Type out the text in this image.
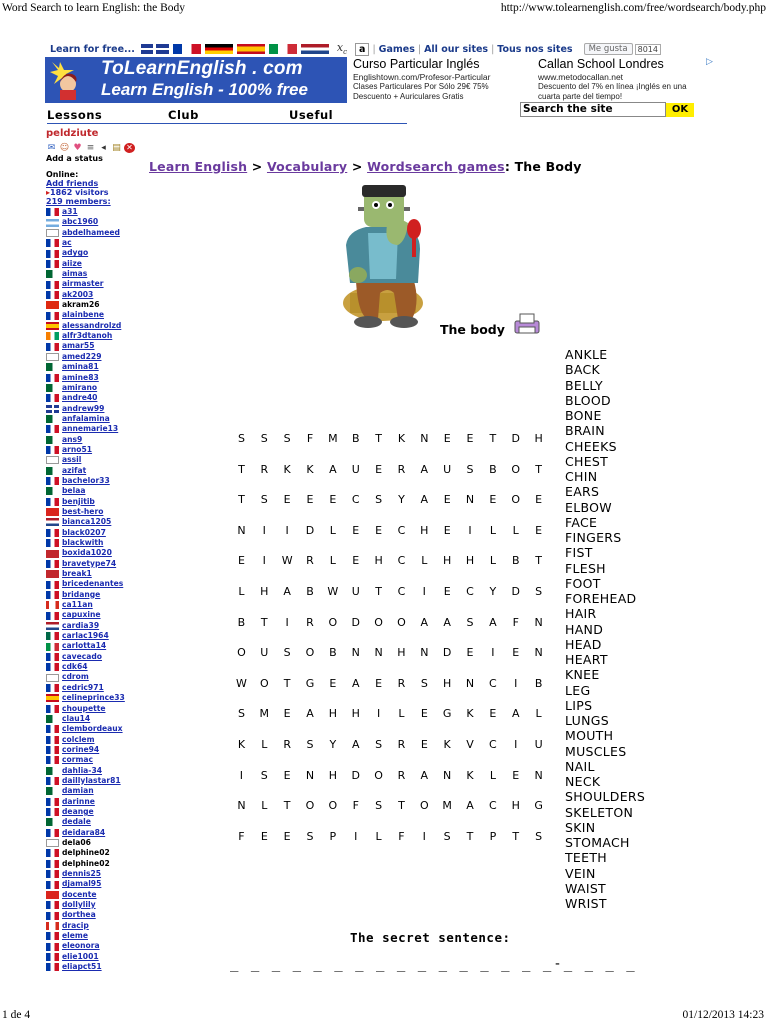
Word Search to learn English: the Body	http://www.tolearnenglish.com/free/wordsearch/body.php
Learn for free...	𝑥$_c$	a | Games | All our sites | Tous nos sites	Me gusta	8014
ToLearnEnglish . com
Learn English - 100% free
Curso Particular Inglés
Englishtown.com/Profesor-Particular
Clases Particulares Por Sólo 29€ 75% Descuento + Auriculares Gratis
Callan School Londres
www.metodocallan.net
Descuento del 7% en línea ¡Inglés en una cuarta parte del tiempo!
▷
Search the site	OK
Lessons	Club	Useful
peldziute
✉ ☺ ♥ ≡ ◂ ▤ ✕
Add a status
Online:
Add friends
▸1862 visitors
219 members:
a31
abc1960
abdelhameed
ac
adygo
aiize
aimas
airmaster
ak2003
akram26
alainbene
alessandrolzd
alfr3dtanoh
amar55
amed229
amina81
amine83
amirano
andre40
andrew99
anfalamina
annemarie13
ans9
arno51
assil
azifat
bachelor33
belaa
benjitib
best-hero
bianca1205
black0207
blackwith
boxida1020
bravetype74
break1
bricedenantes
bridange
ca11an
capuxine
cardia39
carlac1964
carlotta14
cavecado
cdk64
cdrom
cedric971
celineprince33
choupette
clau14
clembordeaux
colclem
corine94
cormac
dahlia-34
daillylastar81
damian
darinne
deange
dedale
deidara84
dela06
delphine02
delphine02
dennis25
djamal95
docente
dollylily
dorthea
dracip
eleme
eleonora
elie1001
eliapct51
Learn English > Vocabulary > Wordsearch games: The Body
The body
S	S	S	F	M	B	T	K	N	E	E	T	D	H
T	R	K	K	A	U	E	R	A	U	S	B	O	T
T	S	E	E	E	C	S	Y	A	E	N	E	O	E
N	I	I	D	L	E	E	C	H	E	I	L	L	E
E	I	W	R	L	E	H	C	L	H	H	L	B	T
L	H	A	B	W	U	T	C	I	E	C	Y	D	S
B	T	I	R	O	D	O	O	A	A	S	A	F	N
O	U	S	O	B	N	N	H	N	D	E	I	E	N
W	O	T	G	E	A	E	R	S	H	N	C	I	B
S	M	E	A	H	H	I	L	E	G	K	E	A	L
K	L	R	S	Y	A	S	R	E	K	V	C	I	U
I	S	E	N	H	D	O	R	A	N	K	L	E	N
N	L	T	O	O	F	S	T	O	M	A	C	H	G
F	E	E	S	P	I	L	F	I	S	T	P	T	S
ANKLE
BACK
BELLY
BLOOD
BONE
BRAIN
CHEEKS
CHEST
CHIN
EARS
ELBOW
FACE
FINGERS
FIST
FLESH
FOOT
FOREHEAD
HAIR
HAND
HEAD
HEART
KNEE
LEG
LIPS
LUNGS
MOUTH
MUSCLES
NAIL
NECK
SHOULDERS
SKELETON
SKIN
STOMACH
TEETH
VEIN
WAIST
WRIST
The secret sentence:
_ _ _ _ _ _ _ _ _ _ _ _ _ _ _ _-_ _ _ _
1 de 4	01/12/2013 14:23
